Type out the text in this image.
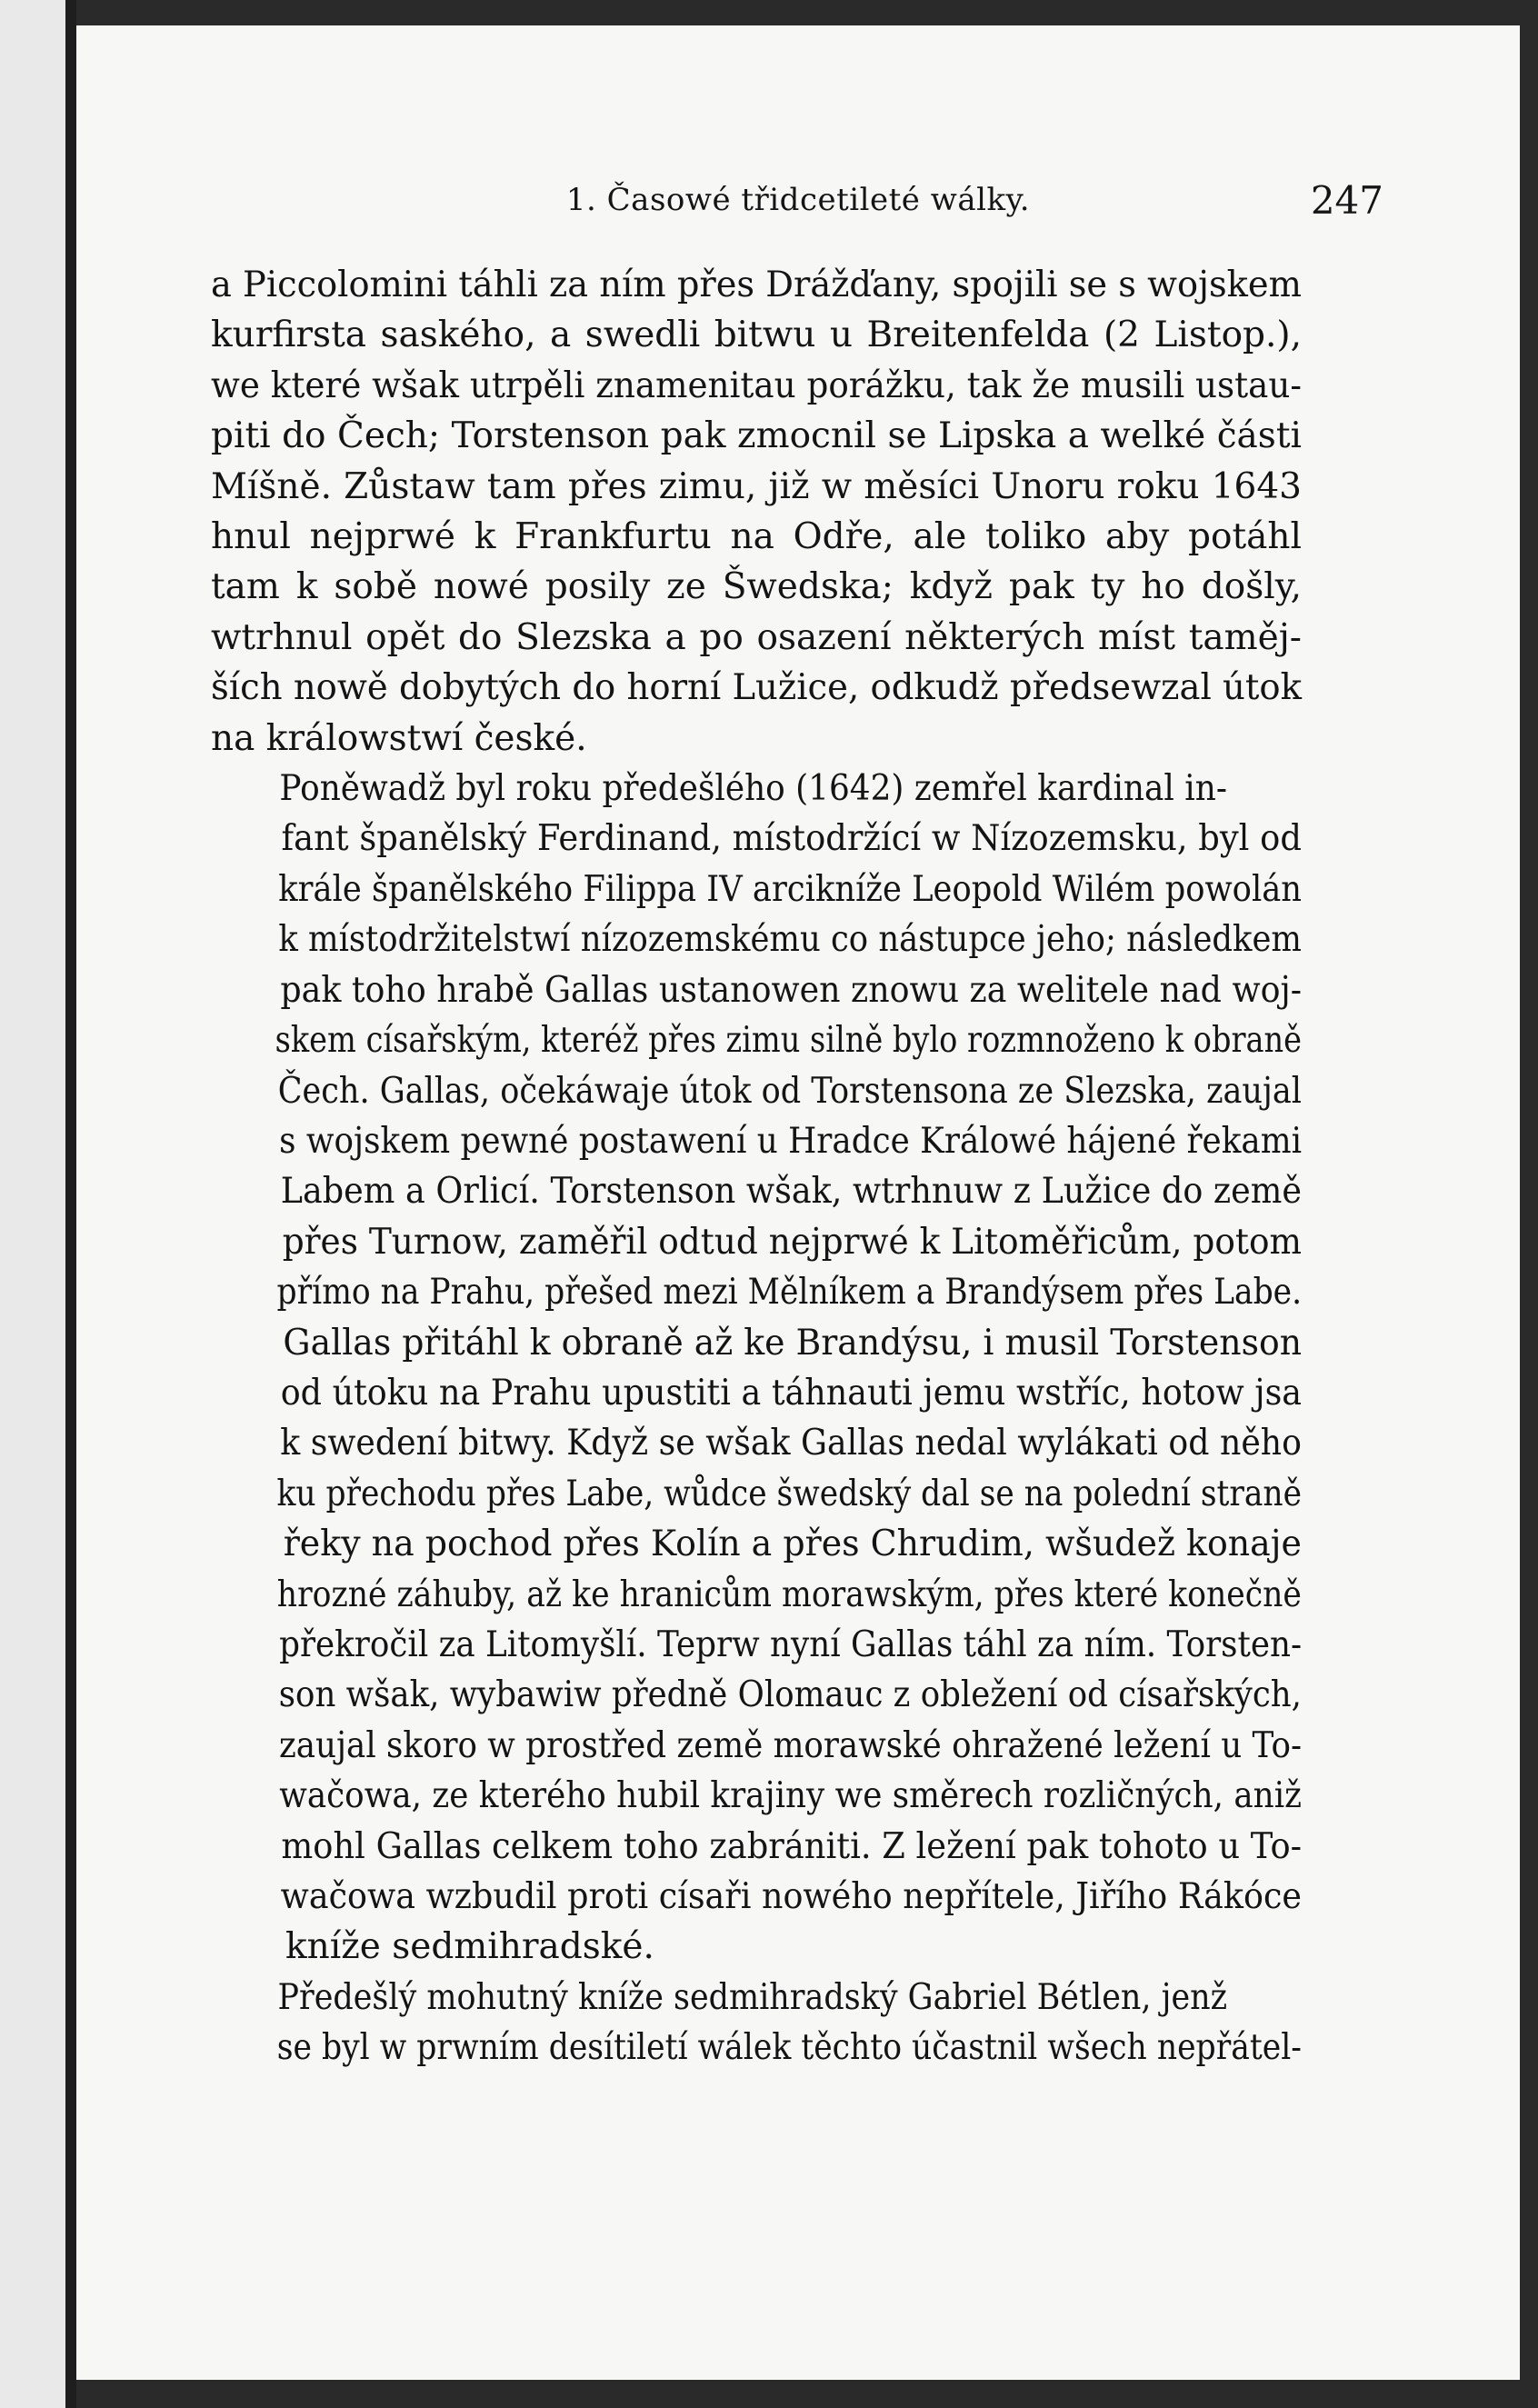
1. Časowé třidcetileté wálky.	247

a Piccolomini táhli za ním přes Drážďany, spojili se s wojskem
kurfirsta saského, a swedli bitwu u Breitenfelda (2 Listop.),
we které wšak utrpěli znamenitau porážku, tak že musili ustau-
piti do Čech; Torstenson pak zmocnil se Lipska a welké části
Míšně. Zůstaw tam přes zimu, již w měsíci Unoru roku 1643
hnul nejprwé k Frankfurtu na Odře, ale toliko aby potáhl
tam k sobě nowé posily ze Šwedska; když pak ty ho došly,
wtrhnul opět do Slezska a po osazení některých míst taměj-
ších nowě dobytých do horní Lužice, odkudž předsewzal útok
na králowstwí české.

Poněwadž byl roku předešlého (1642) zemřel kardinal in-
fant španělský Ferdinand, místodržící w Nízozemsku, byl od
krále španělského Filippa IV arcikníže Leopold Wilém powolán
k místodržitelstwí nízozemskému co nástupce jeho; následkem
pak toho hrabě Gallas ustanowen znowu za welitele nad woj-
skem císařským, kteréž přes zimu silně bylo rozmnoženo k obraně
Čech. Gallas, očekáwaje útok od Torstensona ze Slezska, zaujal
s wojskem pewné postawení u Hradce Králowé hájené řekami
Labem a Orlicí. Torstenson wšak, wtrhnuw z Lužice do země
přes Turnow, zaměřil odtud nejprwé k Litoměřicům, potom
přímo na Prahu, přešed mezi Mělníkem a Brandýsem přes Labe.
Gallas přitáhl k obraně až ke Brandýsu, i musil Torstenson
od útoku na Prahu upustiti a táhnauti jemu wstříc, hotow jsa
k swedení bitwy. Když se wšak Gallas nedal wylákati od něho
ku přechodu přes Labe, wůdce šwedský dal se na polední straně
řeky na pochod přes Kolín a přes Chrudim, wšudež konaje
hrozné záhuby, až ke hranicům morawským, přes které konečně
překročil za Litomyšlí. Teprw nyní Gallas táhl za ním. Torsten-
son wšak, wybawiw předně Olomauc z obležení od císařských,
zaujal skoro w prostřed země morawské ohražené ležení u To-
wačowa, ze kterého hubil krajiny we směrech rozličných, aniž
mohl Gallas celkem toho zabrániti. Z ležení pak tohoto u To-
wačowa wzbudil proti císaři nowého nepřítele, Jiřího Rákóce
kníže sedmihradské.

Předešlý mohutný kníže sedmihradský Gabriel Bétlen, jenž
se byl w prwním desítiletí wálek těchto účastnil wšech nepřátel-
